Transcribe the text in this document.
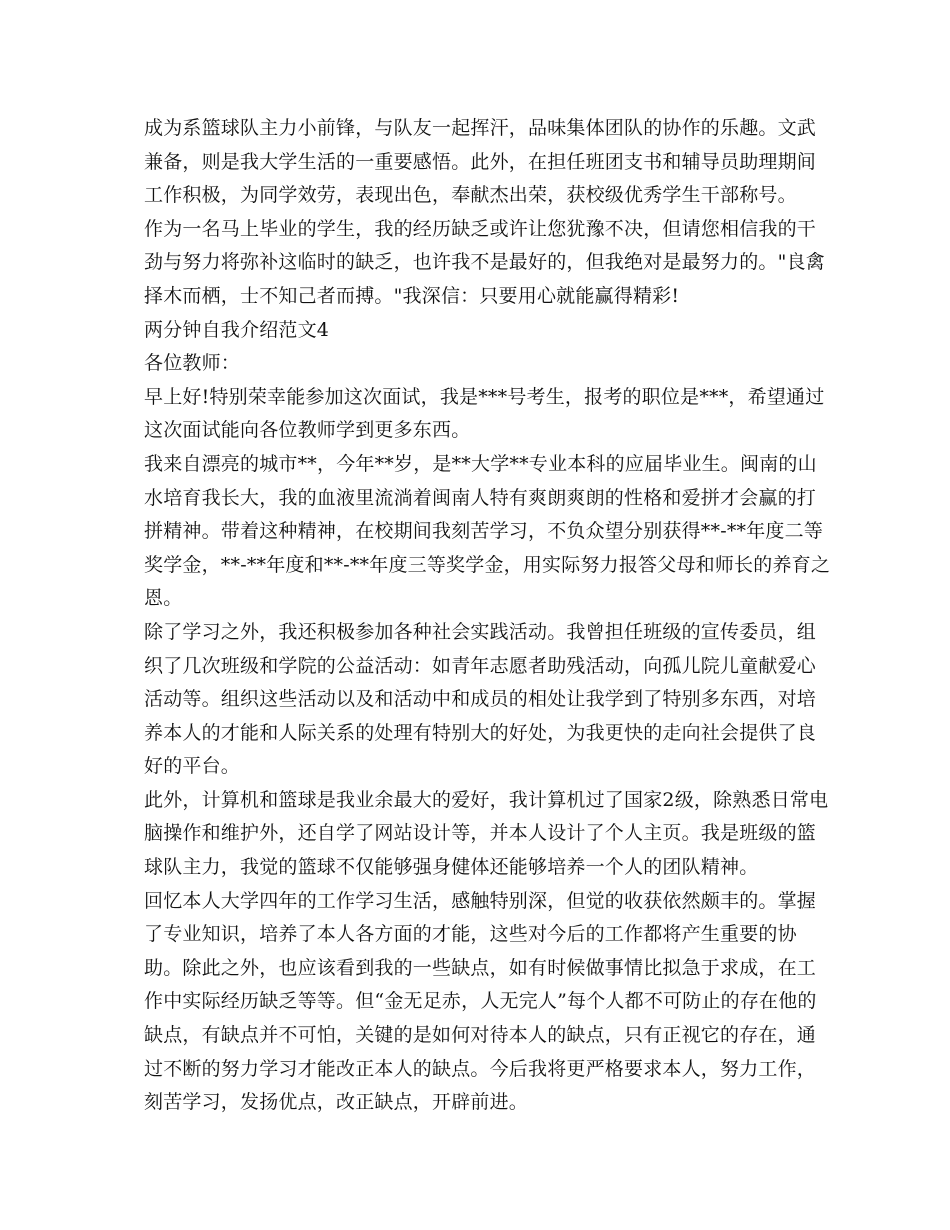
成为系篮球队主力小前锋，与队友一起挥汗，品味集体团队的协作的乐趣。文武兼备，则是我大学生活的一重要感悟。此外，在担任班团支书和辅导员助理期间工作积极，为同学效劳，表现出色，奉献杰出荣，获校级优秀学生干部称号。

作为一名马上毕业的学生，我的经历缺乏或许让您犹豫不决，但请您相信我的干劲与努力将弥补这临时的缺乏，也许我不是最好的，但我绝对是最努力的。"良禽择木而栖，士不知己者而搏。"我深信：只要用心就能赢得精彩!

两分钟自我介绍范文4

各位教师：

早上好!特别荣幸能参加这次面试，我是***号考生，报考的职位是***，希望通过这次面试能向各位教师学到更多东西。

我来自漂亮的城市**，今年**岁，是**大学**专业本科的应届毕业生。闽南的山水培育我长大，我的血液里流淌着闽南人特有爽朗爽朗的性格和爱拼才会赢的打拼精神。带着这种精神，在校期间我刻苦学习，不负众望分别获得**-**年度二等奖学金，**-**年度和**-**年度三等奖学金，用实际努力报答父母和师长的养育之恩。

除了学习之外，我还积极参加各种社会实践活动。我曾担任班级的宣传委员，组织了几次班级和学院的公益活动：如青年志愿者助残活动，向孤儿院儿童献爱心活动等。组织这些活动以及和活动中和成员的相处让我学到了特别多东西，对培养本人的才能和人际关系的处理有特别大的好处，为我更快的走向社会提供了良好的平台。

此外，计算机和篮球是我业余最大的爱好，我计算机过了国家2级，除熟悉日常电脑操作和维护外，还自学了网站设计等，并本人设计了个人主页。我是班级的篮球队主力，我觉的篮球不仅能够强身健体还能够培养一个人的团队精神。

回忆本人大学四年的工作学习生活，感触特别深，但觉的收获依然颇丰的。掌握了专业知识，培养了本人各方面的才能，这些对今后的工作都将产生重要的协助。除此之外，也应该看到我的一些缺点，如有时候做事情比拟急于求成，在工作中实际经历缺乏等等。但“金无足赤，人无完人”每个人都不可防止的存在他的缺点，有缺点并不可怕，关键的是如何对待本人的缺点，只有正视它的存在，通过不断的努力学习才能改正本人的缺点。今后我将更严格要求本人，努力工作，刻苦学习，发扬优点，改正缺点，开辟前进。
